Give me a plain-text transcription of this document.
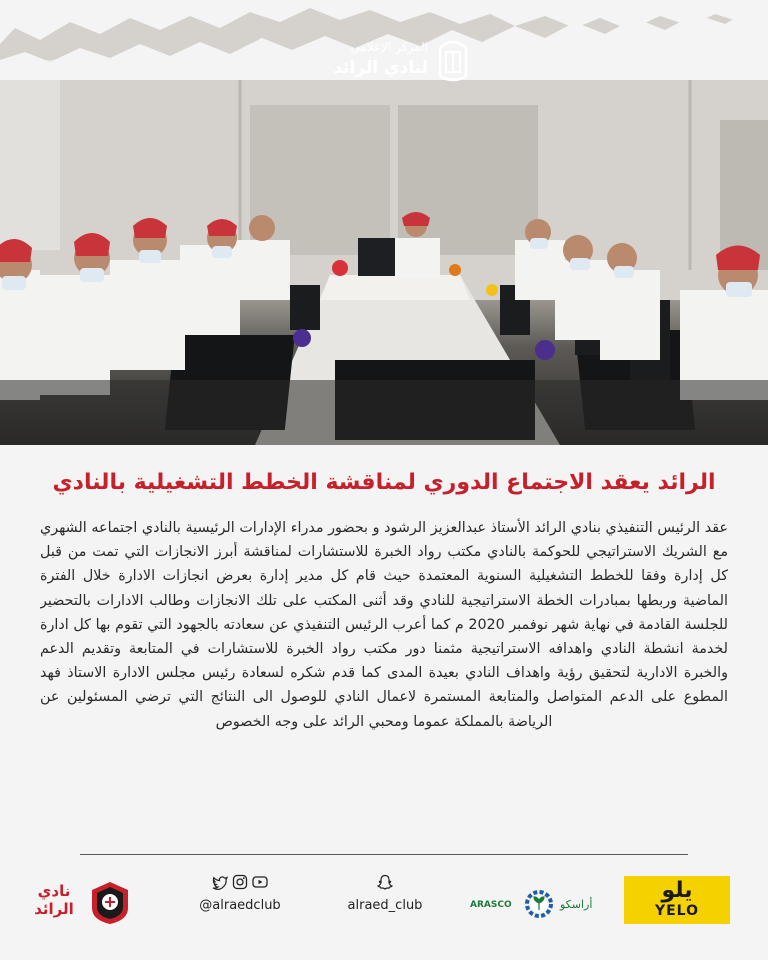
المركز الإعلامي
لنادي الرائد
الرائد يعقد الاجتماع الدوري لمناقشة الخطط التشغيلية بالنادي

عقد الرئيس التنفيذي بنادي الرائد الأستاذ عبدالعزيز الرشود و بحضور مدراء الإدارات الرئيسية بالنادي اجتماعه الشهري مع الشريك الاستراتيجي للحوكمة بالنادي مكتب رواد الخبرة للاستشارات لمناقشة أبرز الانجازات التي تمت من قبل كل إدارة وفقا للخطط التشغيلية السنوية المعتمدة حيث قام كل مدير إدارة بعرض انجازات الادارة خلال الفترة الماضية وربطها بمبادرات الخطة الاستراتيجية للنادي وقد أثنى المكتب على تلك الانجازات وطالب الادارات بالتحضير للجلسة القادمة في نهاية شهر نوفمبر 2020 م كما أعرب الرئيس التنفيذي عن سعادته بالجهود التي تقوم بها كل ادارة لخدمة انشطة النادي واهدافه الاستراتيجية مثمنا دور مكتب رواد الخبرة للاستشارات في المتابعة وتقديم الدعم والخبرة الادارية لتحقيق رؤية واهداف النادي بعيدة المدى كما قدم شكره لسعادة رئيس مجلس الادارة الاستاذ فهد المطوع على الدعم المتواصل والمتابعة المستمرة لاعمال النادي للوصول الى النتائج التي ترضي المسئولين عن الرياضة بالمملكة عموما ومحبي الرائد على وجه الخصوص

نادي
الرائد	@alraedclub	alraed_club	ARASCO	أراسكو
يلو
YELO
